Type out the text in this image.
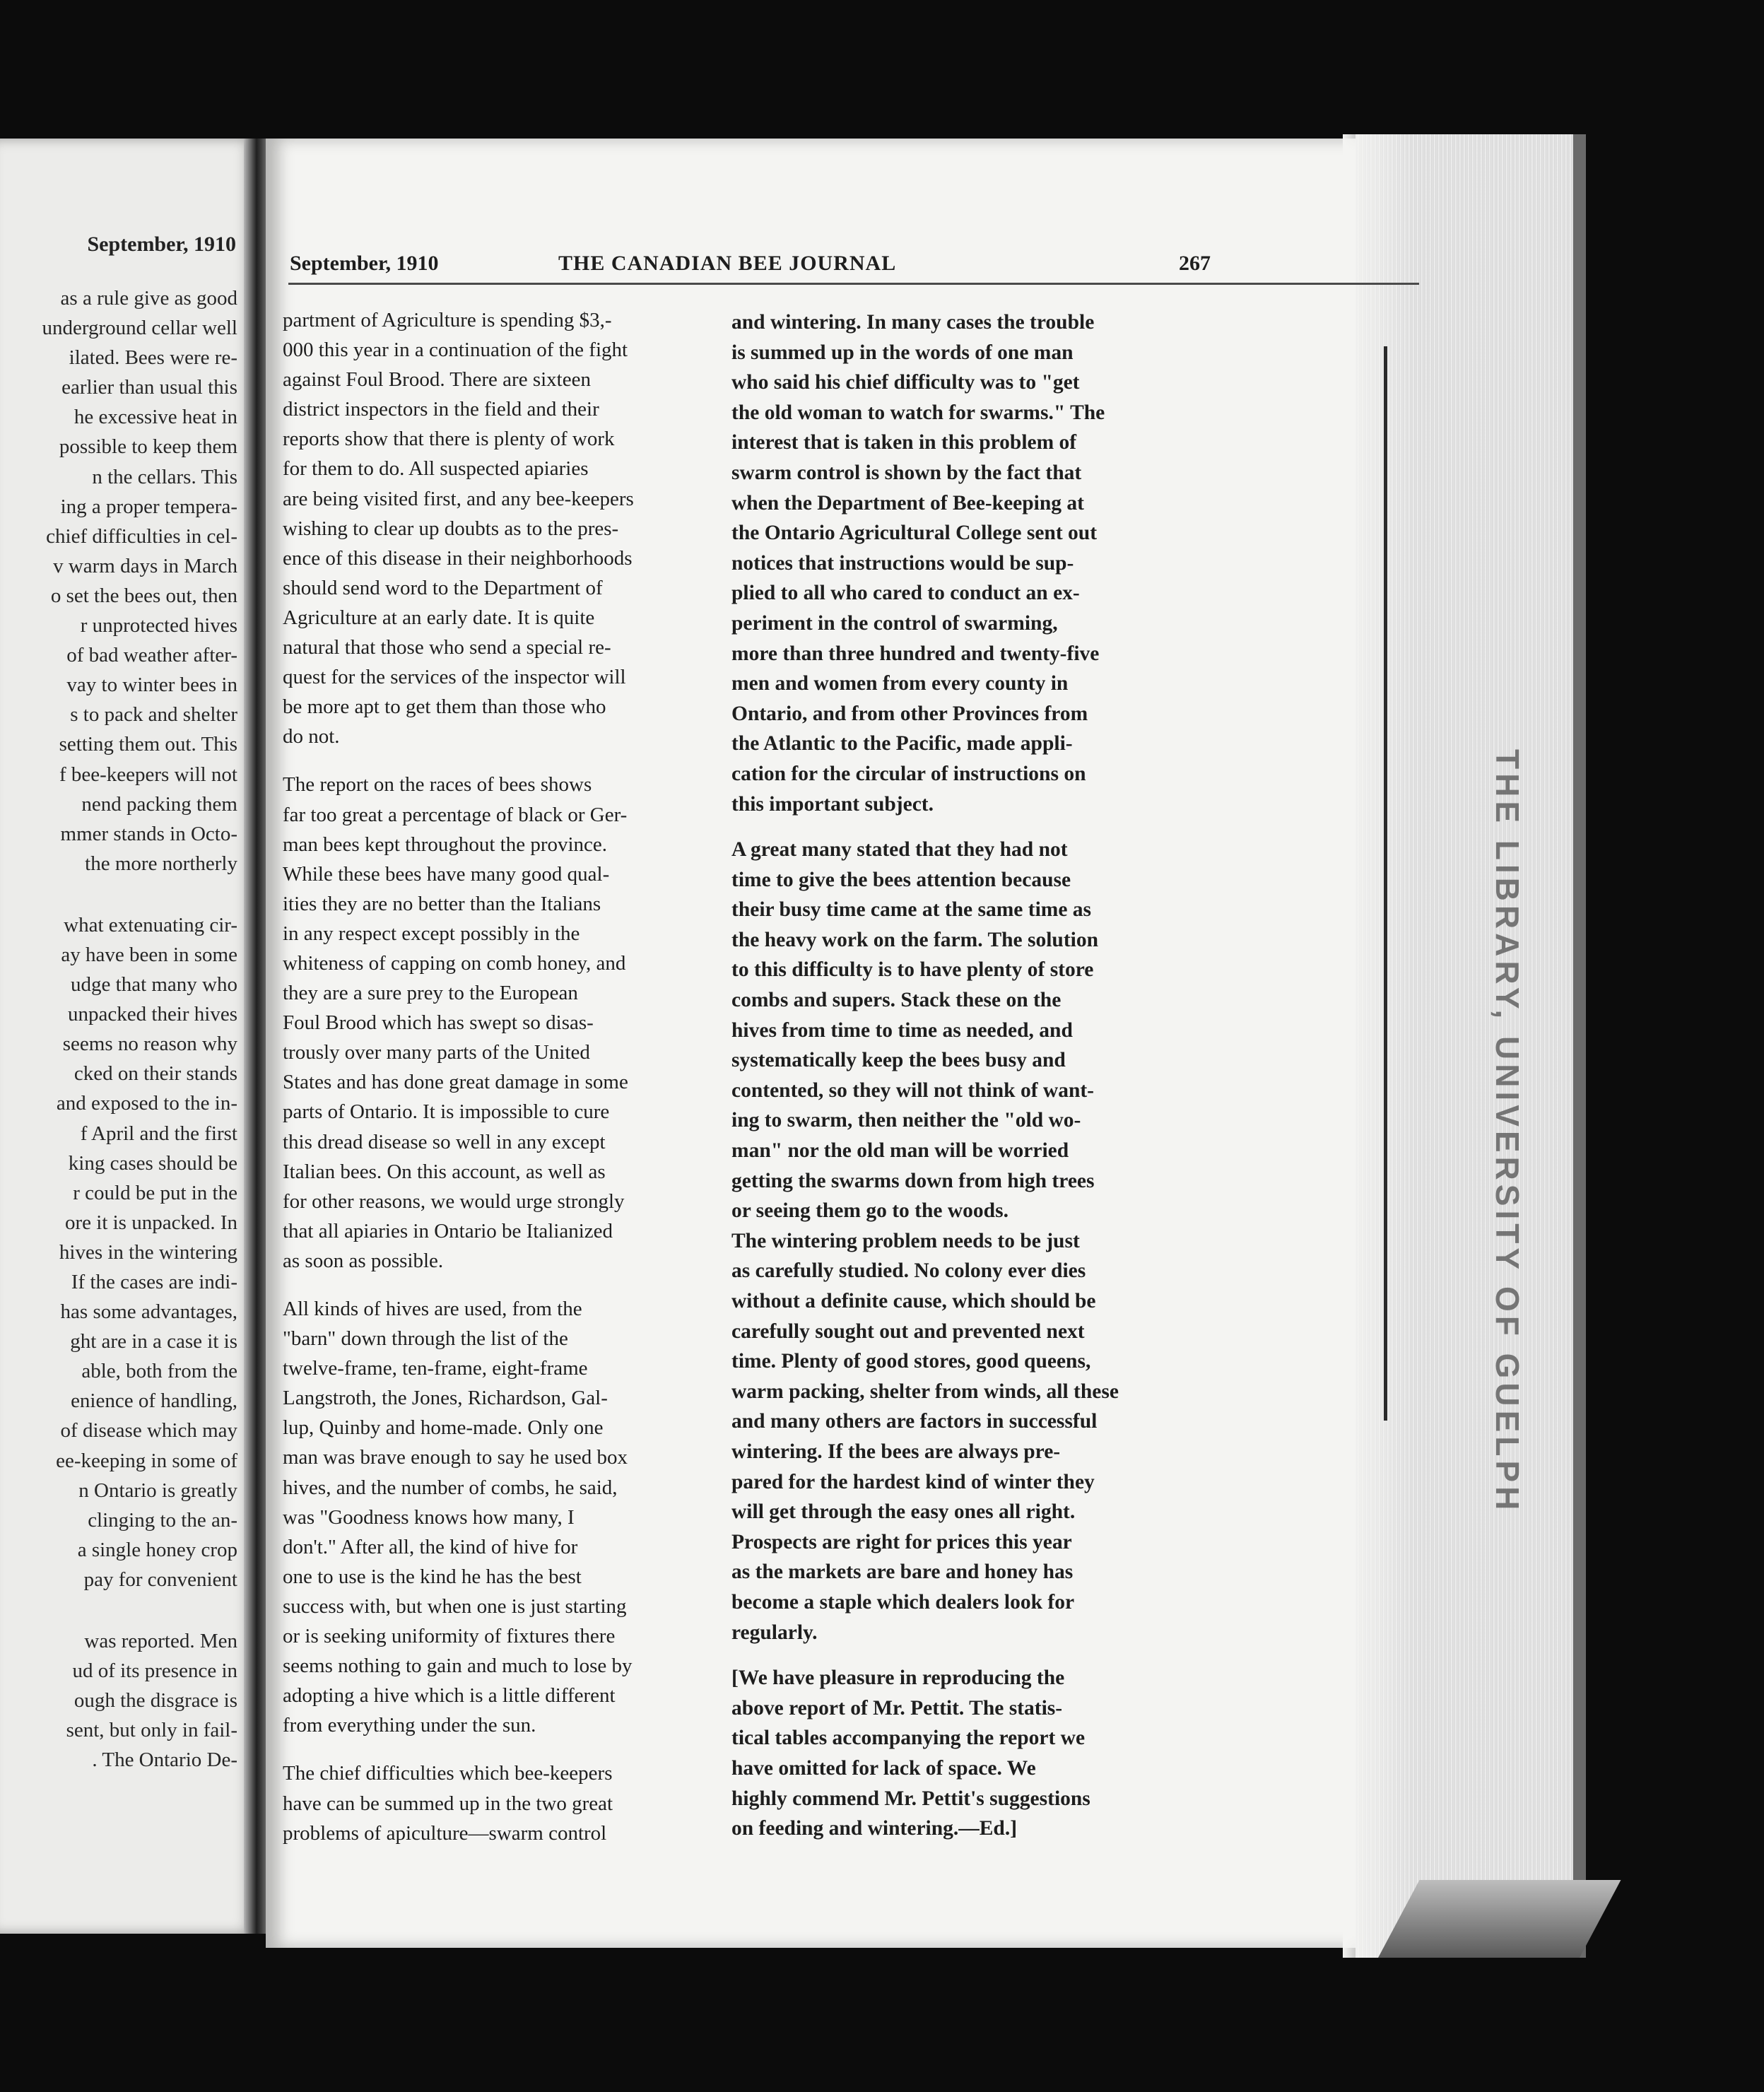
September, 1910
as a rule give as good
underground cellar well
ilated. Bees were re-
earlier than usual this
he excessive heat in
possible to keep them
n the cellars. This
ing a proper tempera-
chief difficulties in cel-
v warm days in March
o set the bees out, then
r unprotected hives
of bad weather after-
vay to winter bees in
s to pack and shelter
setting them out. This
f bee-keepers will not
nend packing them
mmer stands in Octo-
the more northerly
what extenuating cir-
ay have been in some
udge that many who
unpacked their hives
seems no reason why
cked on their stands
and exposed to the in-
f April and the first
king cases should be
r could be put in the
ore it is unpacked. In
hives in the wintering
If the cases are indi-
has some advantages,
ght are in a case it is
able, both from the
enience of handling,
of disease which may
ee-keeping in some of
n Ontario is greatly
clinging to the an-
a single honey crop
pay for convenient
was reported. Men
ud of its presence in
ough the disgrace is
sent, but only in fail-
. The Ontario De-
September, 1910	THE CANADIAN BEE JOURNAL	267
partment of Agriculture is spending $3,-
000 this year in a continuation of the fight
against Foul Brood. There are sixteen
district inspectors in the field and their
reports show that there is plenty of work
for them to do. All suspected apiaries
are being visited first, and any bee-keepers
wishing to clear up doubts as to the pres-
ence of this disease in their neighborhoods
should send word to the Department of
Agriculture at an early date. It is quite
natural that those who send a special re-
quest for the services of the inspector will
be more apt to get them than those who
do not.
The report on the races of bees shows
far too great a percentage of black or Ger-
man bees kept throughout the province.
While these bees have many good qual-
ities they are no better than the Italians
in any respect except possibly in the
whiteness of capping on comb honey, and
they are a sure prey to the European
Foul Brood which has swept so disas-
trously over many parts of the United
States and has done great damage in some
parts of Ontario. It is impossible to cure
this dread disease so well in any except
Italian bees. On this account, as well as
for other reasons, we would urge strongly
that all apiaries in Ontario be Italianized
as soon as possible.
All kinds of hives are used, from the
"barn" down through the list of the
twelve-frame, ten-frame, eight-frame
Langstroth, the Jones, Richardson, Gal-
lup, Quinby and home-made. Only one
man was brave enough to say he used box
hives, and the number of combs, he said,
was "Goodness knows how many, I
don't." After all, the kind of hive for
one to use is the kind he has the best
success with, but when one is just starting
or is seeking uniformity of fixtures there
seems nothing to gain and much to lose by
adopting a hive which is a little different
from everything under the sun.
The chief difficulties which bee-keepers
have can be summed up in the two great
problems of apiculture—swarm control
and wintering. In many cases the trouble
is summed up in the words of one man
who said his chief difficulty was to "get
the old woman to watch for swarms." The
interest that is taken in this problem of
swarm control is shown by the fact that
when the Department of Bee-keeping at
the Ontario Agricultural College sent out
notices that instructions would be sup-
plied to all who cared to conduct an ex-
periment in the control of swarming,
more than three hundred and twenty-five
men and women from every county in
Ontario, and from other Provinces from
the Atlantic to the Pacific, made appli-
cation for the circular of instructions on
this important subject.
A great many stated that they had not
time to give the bees attention because
their busy time came at the same time as
the heavy work on the farm. The solution
to this difficulty is to have plenty of store
combs and supers. Stack these on the
hives from time to time as needed, and
systematically keep the bees busy and
contented, so they will not think of want-
ing to swarm, then neither the "old wo-
man" nor the old man will be worried
getting the swarms down from high trees
or seeing them go to the woods.
The wintering problem needs to be just
as carefully studied. No colony ever dies
without a definite cause, which should be
carefully sought out and prevented next
time. Plenty of good stores, good queens,
warm packing, shelter from winds, all these
and many others are factors in successful
wintering. If the bees are always pre-
pared for the hardest kind of winter they
will get through the easy ones all right.
Prospects are right for prices this year
as the markets are bare and honey has
become a staple which dealers look for
regularly.
[We have pleasure in reproducing the
above report of Mr. Pettit. The statis-
tical tables accompanying the report we
have omitted for lack of space. We
highly commend Mr. Pettit's suggestions
on feeding and wintering.—Ed.]
THE LIBRARY, UNIVERSITY OF GUELPH
